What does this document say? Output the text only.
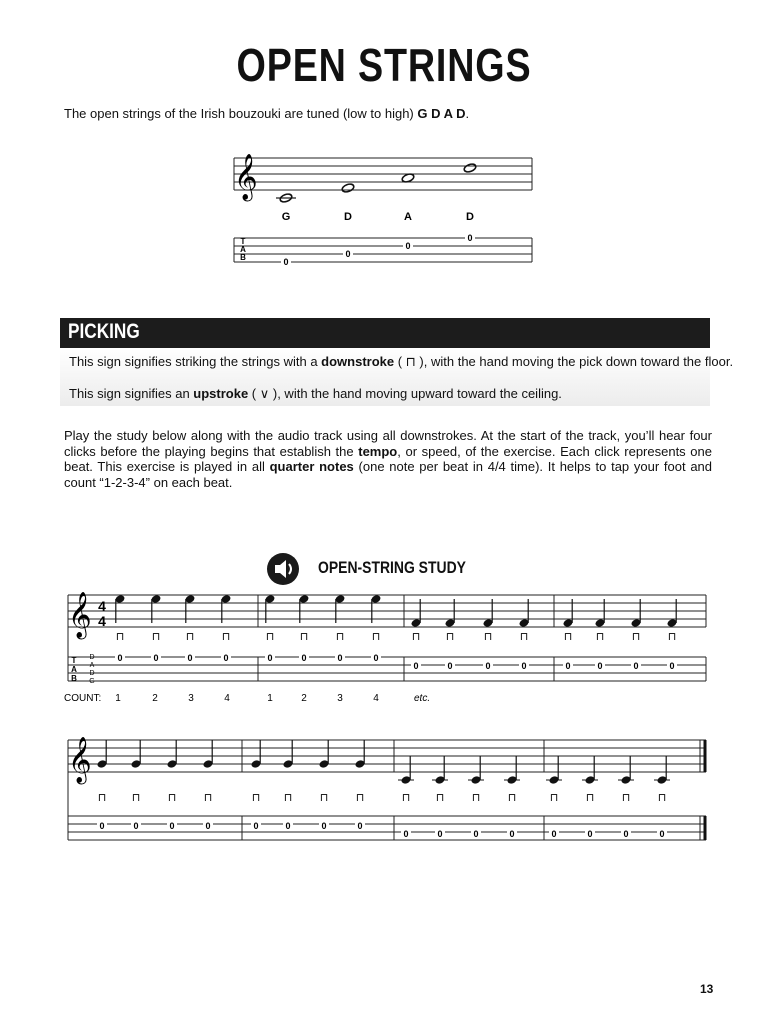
OPEN STRINGS
The open strings of the Irish bouzouki are tuned (low to high) G D A D.
𝄞
G	D	A	D
T
A
B	0
0
0
0
PICKING
This sign signifies striking the strings with a downstroke ( ⊓ ), with the hand moving the pick down toward the floor.
This sign signifies an upstroke ( ∨ ), with the hand moving upward toward the ceiling.
Play the study below along with the audio track using all downstrokes. At the start of the track, you’ll hear four clicks before the playing begins that establish the tempo, or speed, of the exercise. Each click represents one beat. This exercise is played in all quarter notes (one note per beat in 4/4 time). It helps to tap your foot and count “1-2-3-4” on each beat.
OPEN-STRING STUDY
𝄞 4
4
T
A
B
D
A
D
G
⊓
0
⊓
0
⊓
0
⊓
0
⊓
0
⊓
0
⊓
0
⊓
0
⊓
0
⊓
0
⊓
0
⊓
0
⊓
0
⊓
0
⊓
0
⊓
0
COUNT: 1	2	3	4	1	2	3	4	etc.
𝄞
⊓
0
⊓
0
⊓
0
⊓
0
⊓
0
⊓
0
⊓
0
⊓
0
⊓
0
⊓
0
⊓
0
⊓
0
⊓
0
⊓
0
⊓
0
⊓
0
13
